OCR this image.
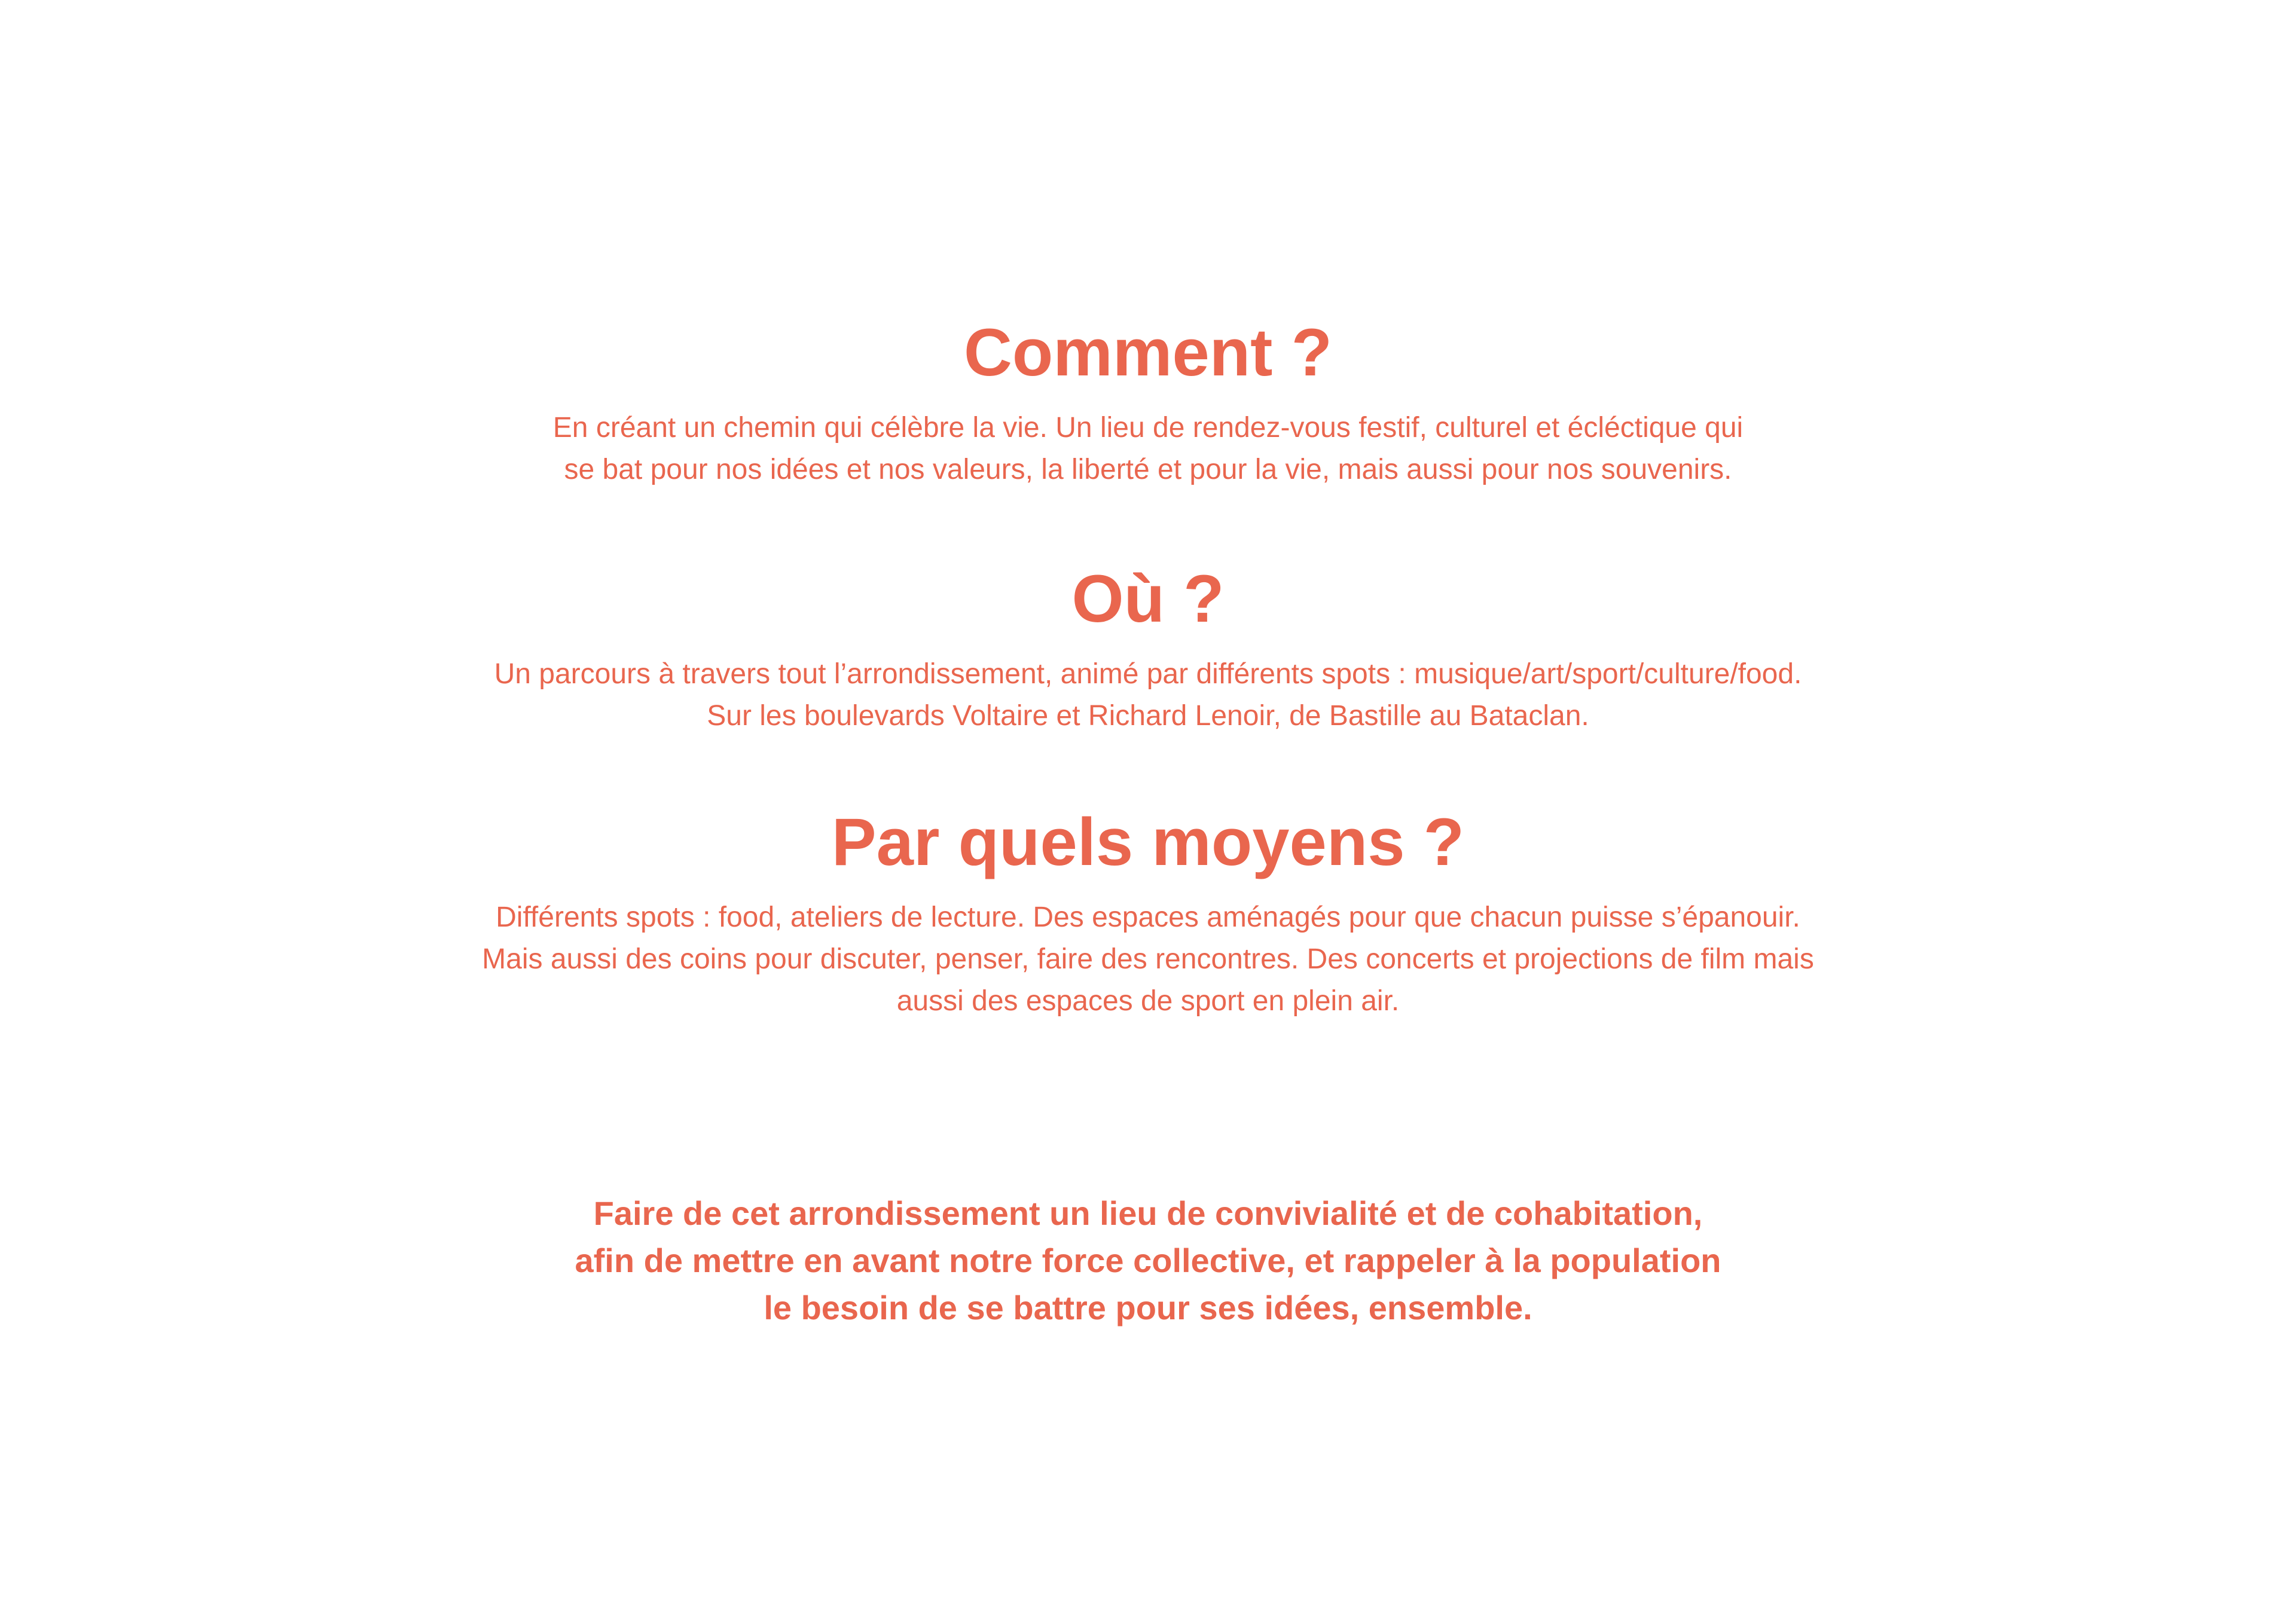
Comment ?

En créant un chemin qui célèbre la vie. Un lieu de rendez-vous festif, culturel et écléctique qui
se bat pour nos idées et nos valeurs, la liberté et pour la vie, mais aussi pour nos souvenirs.

Où ?

Un parcours à travers tout l’arrondissement, animé par différents spots : musique/art/sport/culture/food.
Sur les boulevards Voltaire et Richard Lenoir, de Bastille au Bataclan.

Par quels moyens ?

Différents spots : food, ateliers de lecture. Des espaces aménagés pour que chacun puisse s’épanouir.
Mais aussi des coins pour discuter, penser, faire des rencontres. Des concerts et projections de film mais
aussi des espaces de sport en plein air.

Faire de cet arrondissement un lieu de convivialité et de cohabitation,
afin de mettre en avant notre force collective, et rappeler à la population
le besoin de se battre pour ses idées, ensemble.
